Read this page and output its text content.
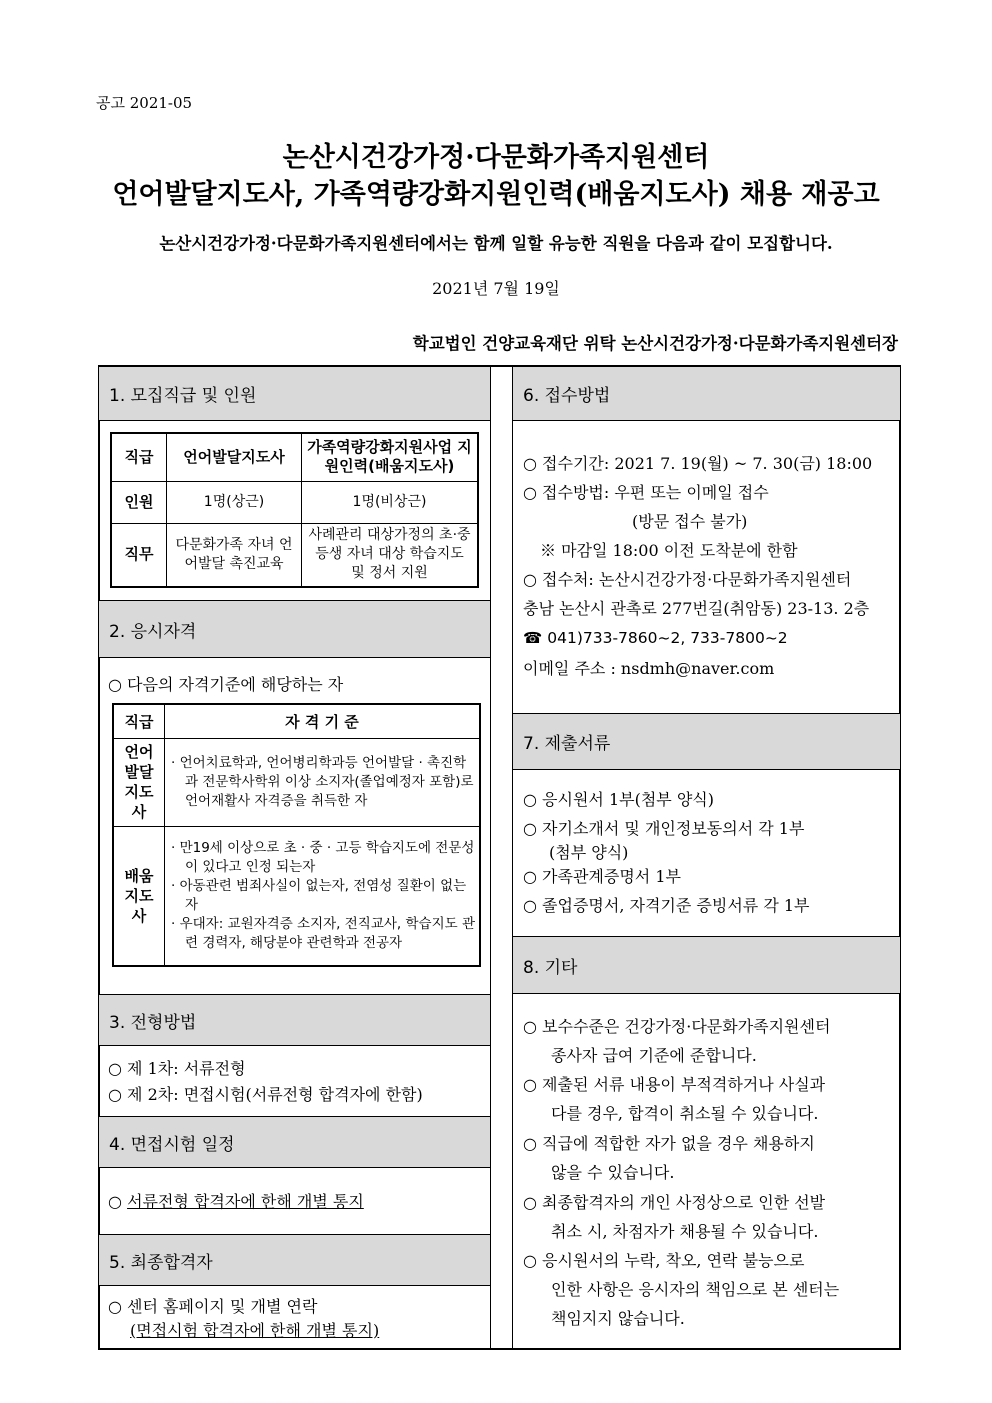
공고 2021-05
논산시건강가정·다문화가족지원센터
언어발달지도사, 가족역량강화지원인력(배움지도사) 채용 재공고
논산시건강가정·다문화가족지원센터에서는 함께 일할 유능한 직원을 다음과 같이 모집합니다.
2021년 7월 19일
학교법인 건양교육재단 위탁 논산시건강가정·다문화가족지원센터장
1. 모집직급 및 인원
직급	언어발달지도사	가족역량강화지원사업 지원인력(배움지도사)
인원	1명(상근)	1명(비상근)
직무	다문화가족 자녀 언어발달 촉진교육	사례관리 대상가정의 초·중등생 자녀 대상 학습지도 및 정서 지원
2. 응시자격
○ 다음의 자격기준에 해당하는 자
직급	자 격 기 준
언어발달지도사	· 언어치료학과, 언어병리학과등 언어발달 · 촉진학과 전문학사학위 이상 소지자(졸업예정자 포함)로 언어재활사 자격증을 취득한 자

배움지도사	· 만19세 이상으로 초 · 중 · 고등 학습지도에 전문성이 있다고 인정 되는자
· 아동관련 범죄사실이 없는자, 전염성 질환이 없는 자
· 우대자: 교원자격증 소지자, 전직교사, 학습지도 관련 경력자, 해당분야 관련학과 전공자
3. 전형방법
○ 제 1차: 서류전형
○ 제 2차: 면접시험(서류전형 합격자에 한함)
4. 면접시험 일정
○ 서류전형 합격자에 한해 개별 통지
5. 최종합격자
○ 센터 홈페이지 및 개별 연락
(면접시험 합격자에 한해 개별 통지)
6. 접수방법
○ 접수기간: 2021 7. 19(월) ~ 7. 30(금) 18:00
○ 접수방법: 우편 또는 이메일 접수
(방문 접수 불가)
※ 마감일 18:00 이전 도착분에 한함
○ 접수처: 논산시건강가정·다문화가족지원센터
충남 논산시 관촉로 277번길(취암동) 23-13. 2층
☎ 041)733-7860~2, 733-7800~2
이메일 주소 : nsdmh@naver.com
7. 제출서류
○ 응시원서 1부(첨부 양식)
○ 자기소개서 및 개인정보동의서 각 1부
(첨부 양식)
○ 가족관계증명서 1부
○ 졸업증명서, 자격기준 증빙서류 각 1부
8. 기타
○ 보수수준은 건강가정·다문화가족지원센터
종사자 급여 기준에 준합니다.
○ 제출된 서류 내용이 부적격하거나 사실과
다를 경우, 합격이 취소될 수 있습니다.
○ 직급에 적합한 자가 없을 경우 채용하지
않을 수 있습니다.
○ 최종합격자의 개인 사정상으로 인한 선발
취소 시, 차점자가 채용될 수 있습니다.
○ 응시원서의 누락, 착오, 연락 불능으로
인한 사항은 응시자의 책임으로 본 센터는
책임지지 않습니다.
